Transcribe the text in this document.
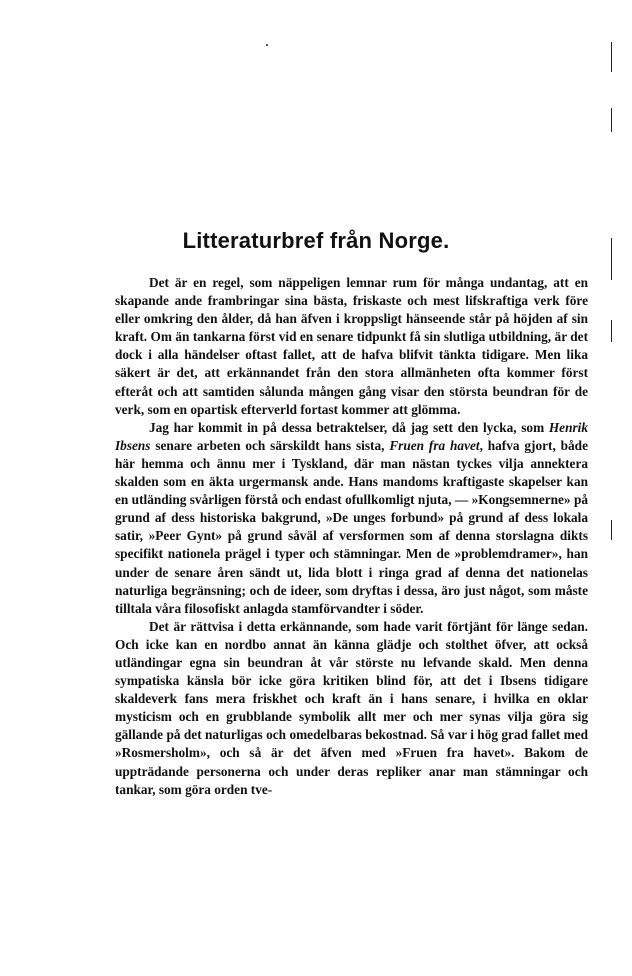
Litteraturbref från Norge.

Det är en regel, som näppeligen lemnar rum för många undantag, att en skapande ande frambringar sina bästa, friskaste och mest lifskraftiga verk före eller omkring den ålder, då han äfven i kroppsligt hänseende står på höjden af sin kraft. Om än tankarna först vid en senare tidpunkt få sin slutliga utbildning, är det dock i alla händelser oftast fallet, att de hafva blifvit tänkta tidigare. Men lika säkert är det, att erkännandet från den stora allmänheten ofta kommer först efteråt och att samtiden sålunda mången gång visar den största beundran för de verk, som en opartisk efterverld fortast kommer att glömma.

Jag har kommit in på dessa betraktelser, då jag sett den lycka, som Henrik Ibsens senare arbeten och särskildt hans sista, Fruen fra havet, hafva gjort, både här hemma och ännu mer i Tyskland, där man nästan tyckes vilja annektera skalden som en äkta urgermansk ande. Hans mandoms kraftigaste skapelser kan en utländing svårligen förstå och endast ofullkomligt njuta, — »Kongsemnerne» på grund af dess historiska bakgrund, »De unges forbund» på grund af dess lokala satir, »Peer Gynt» på grund såväl af versformen som af denna storslagna dikts specifikt nationela prägel i typer och stämningar. Men de »problemdramer», han under de senare åren sändt ut, lida blott i ringa grad af denna det nationelas naturliga begränsning; och de ideer, som dryftas i dessa, äro just något, som måste tilltala våra filosofiskt anlagda stamförvandter i söder.

Det är rättvisa i detta erkännande, som hade varit förtjänt för länge sedan. Och icke kan en nordbo annat än känna glädje och stolthet öfver, att också utländingar egna sin beundran åt vår störste nu lefvande skald. Men denna sympatiska känsla bör icke göra kritiken blind för, att det i Ibsens tidigare skaldeverk fans mera friskhet och kraft än i hans senare, i hvilka en oklar mysticism och en grubblande symbolik allt mer och mer synas vilja göra sig gällande på det naturligas och omedelbaras bekostnad. Så var i hög grad fallet med »Rosmersholm», och så är det äfven med »Fruen fra havet». Bakom de uppträdande personerna och under deras repliker anar man stämningar och tankar, som göra orden tve-
